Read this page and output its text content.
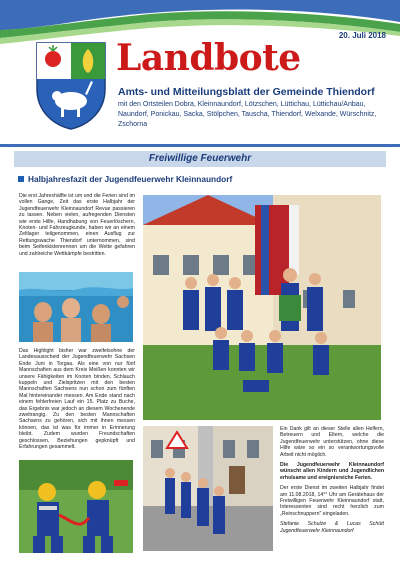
20. Juli 2018
Landbote
Amts- und Mitteilungsblatt der Gemeinde Thiendorf
mit den Ortsteilen Dobra, Kleinnaundorf, Lötzschen, Lüttichau, Lüttichau/Anbau, Naundorf, Ponickau, Sacka, Stölpchen, Tauscha, Thiendorf, Welxande, Würschnitz, Zschorna
Freiwillige Feuerwehr
Halbjahresfazit der Jugendfeuerwehr Kleinnaundorf
Die erst Jahreshälfte ist um und die Ferien sind im vollen Gange, Zeit das erste Halbjahr der Jugendfeuerwehr Kleinnaundorf Revue passieren zu lassen. Neben vielen, aufregenden Diensten wie erste Hilfe, Handhabung von Feuerlöschern, Knoten- und Fahrzeugkunde, haben wir an einem Zeltlager teilgenommen, einen Ausflug zur Rettungswache Thiendorf unternommen, sind beim Seifenkistenrennen um die Wette gefahren und zahlreiche Wettkämpfe bestritten.
Das Highlight bisher war zweifelsohne der Landesausscheid der Jugendfeuerwehr Sachsen Ende Juni in Torgau. Als eine von nur fünf Mannschaften aus dem Kreis Meißen konnten wir unsere Fähigkeiten im Knoten binden, Schlauch kuppeln und Zielspritzen mit den besten Mannschaften Sachsens nun schon zum fünften Mal hintereinander messen. Am Ende stand nach einem fehlerfreien Lauf ein 15. Platz zu Buche, das Ergebnis war jedoch an diesem Wochenende zweitrangig. Zu den besten Mannschaften Sachsens zu gehören, sich mit ihnen messen können, das ist was für immer in Erinnerung bleibt. Zudem wurden Freundschaften geschlossen, Beziehungen gepknüpft und Erfahrungen gesammelt.

Ein Dank gilt an dieser Stelle allen Helfern, Betreuern und Eltern, welche die Jugendfeuerwehr unterstützen, ohne diese Hilfe wäre so ein so verantwortungsvolle Arbeit nicht möglich.

Die Jugendfeuerwehr Kleinnaundorf wünscht allen Kindern und Jugendlichen erholsame und ereignisreiche Ferien.

Der erste Dienst im zweiten Halbjahr findet am 11.08.2018, 14°° Uhr am Gerätehaus der Freiwilligen Feuerwehr Kleinnaundorf statt, Interessenten sind recht herzlich zum „Reinschnuppern" eingeladen.

Stefanie Schulze & Lucas Schütt Jugendfeuerwehr Kleinnaundorf
